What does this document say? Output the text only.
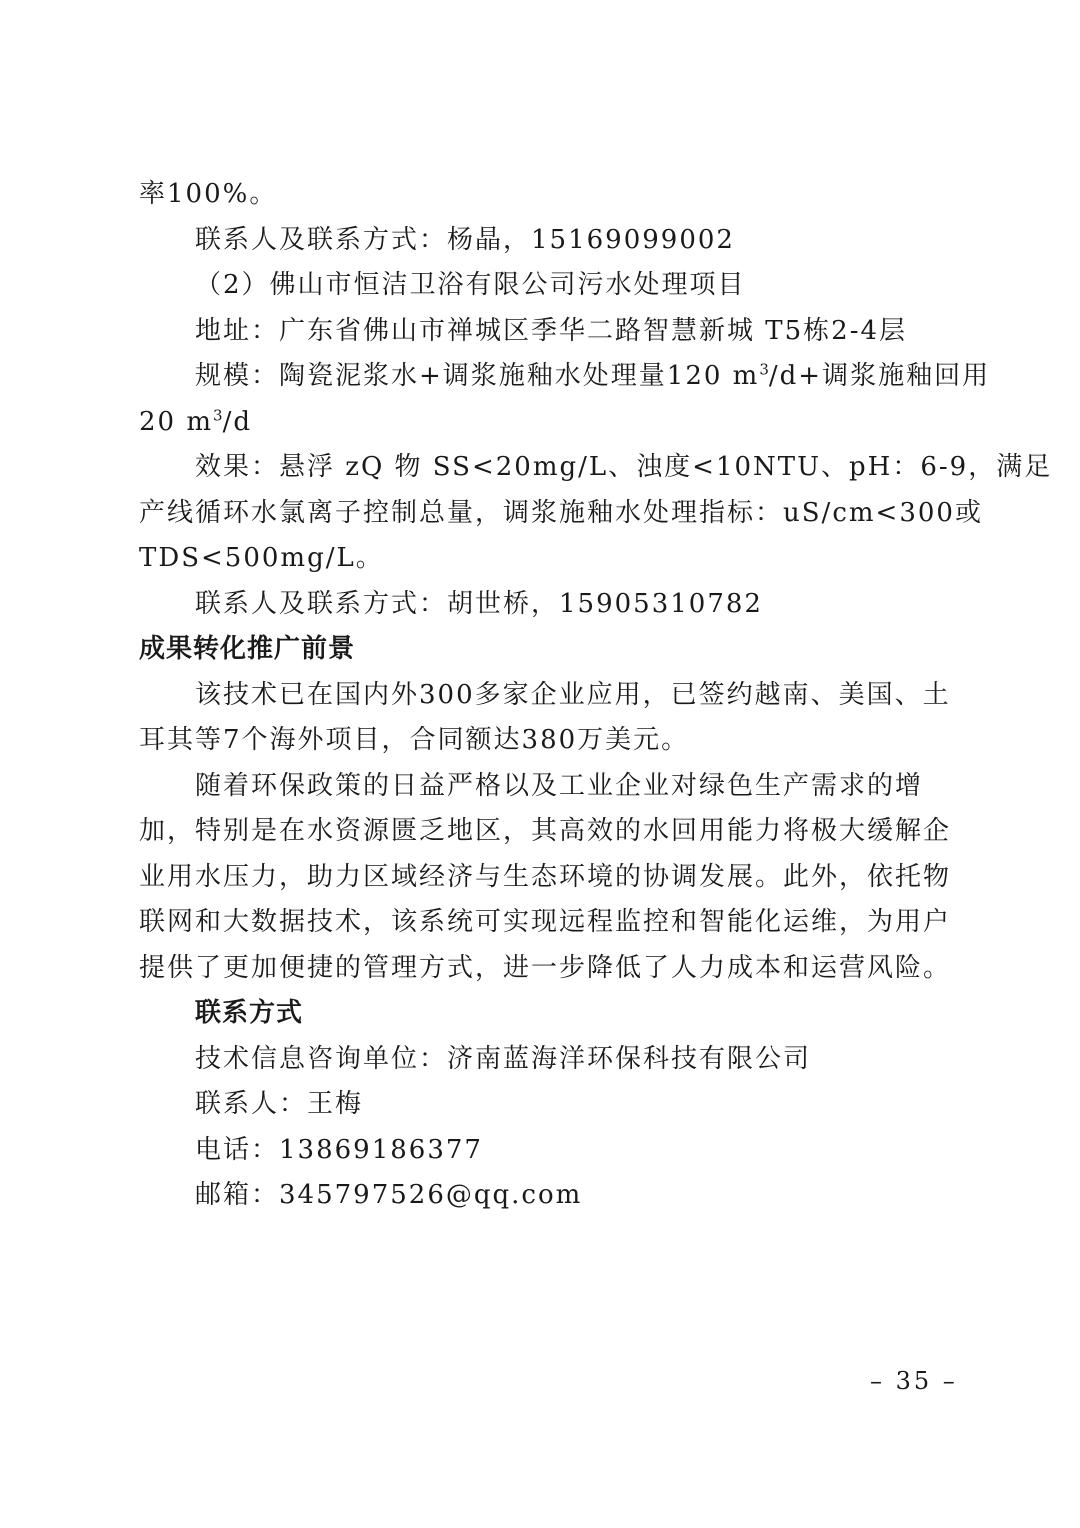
率100%。
联系人及联系方式：杨晶，15169099002
（2）佛山市恒洁卫浴有限公司污水处理项目
地址：广东省佛山市禅城区季华二路智慧新城 T5栋2-4层
规模：陶瓷泥浆水+调浆施釉水处理量120 $m^3/d+$调浆施釉回用
20 $m^3/d$
效果：悬浮 zQ 物 SS<20mg/L、浊度<10NTU、pH：6-9，满足
产线循环水氯离子控制总量，调浆施釉水处理指标：uS/cm<300或
TDS<500mg/L。
联系人及联系方式：胡世桥，15905310782
成果转化推广前景
该技术已在国内外300多家企业应用，已签约越南、美国、土
耳其等7个海外项目，合同额达380万美元。
随着环保政策的日益严格以及工业企业对绿色生产需求的增
加，特别是在水资源匮乏地区，其高效的水回用能力将极大缓解企
业用水压力，助力区域经济与生态环境的协调发展。此外，依托物
联网和大数据技术，该系统可实现远程监控和智能化运维，为用户
提供了更加便捷的管理方式，进一步降低了人力成本和运营风险。
联系方式
技术信息咨询单位：济南蓝海洋环保科技有限公司
联系人：王梅
电话：13869186377
邮箱：345797526@qq.com
– 35 –
